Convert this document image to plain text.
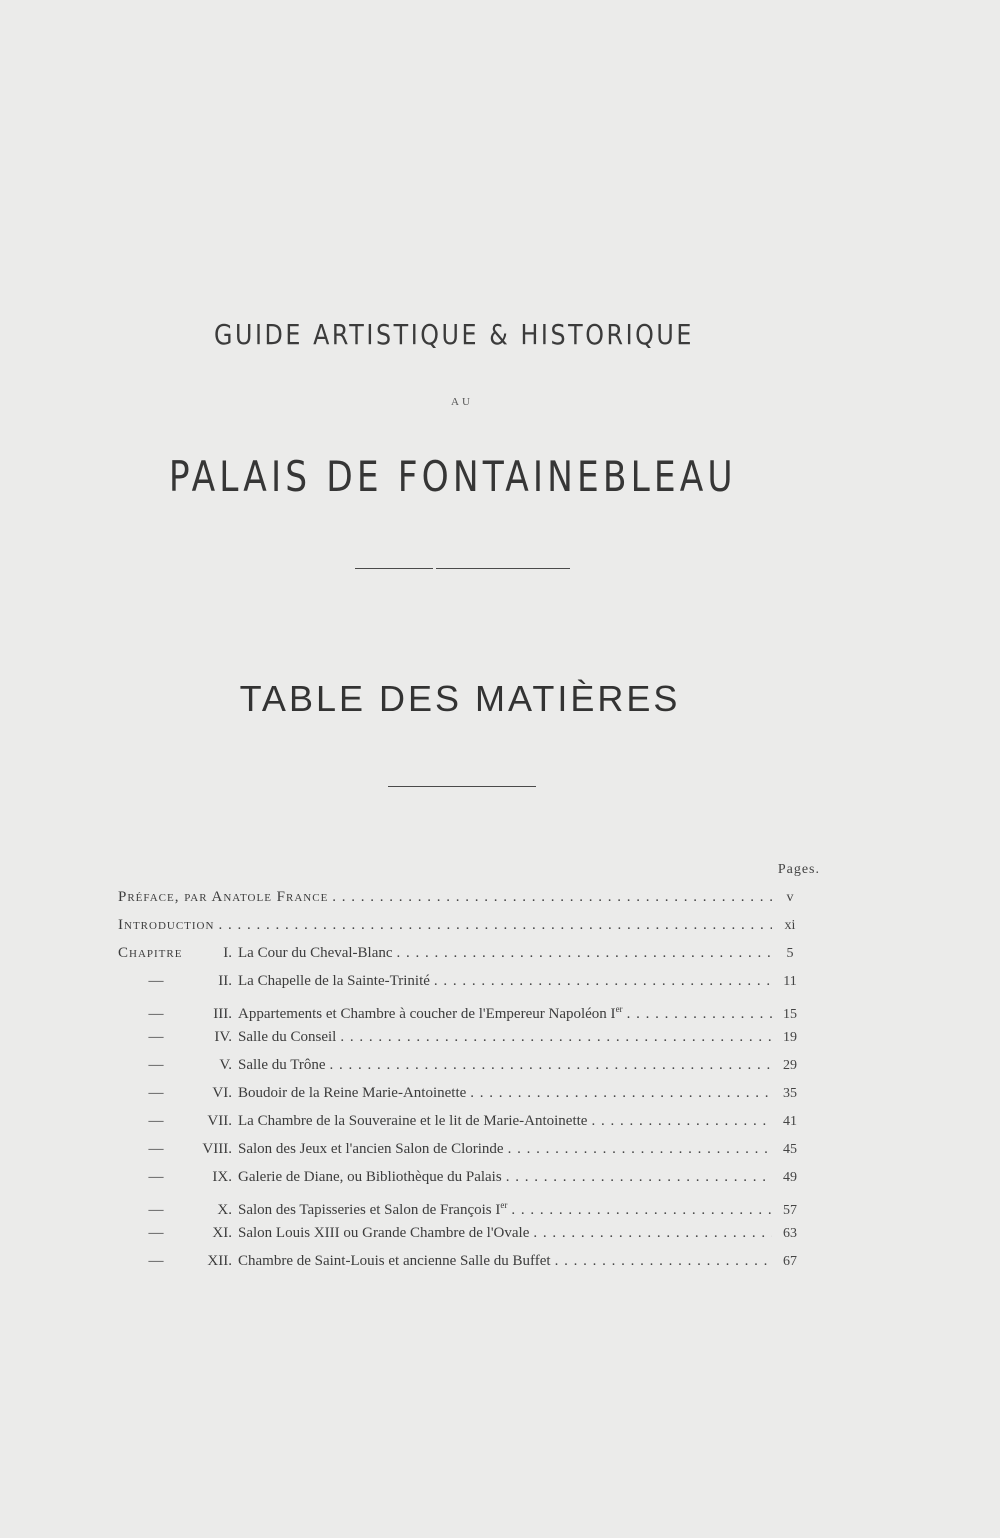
GUIDE ARTISTIQUE & HISTORIQUE
AU
PALAIS DE FONTAINEBLEAU
TABLE DES MATIÈRES
Pages.
Préface, par Anatole France . . .	v
Introduction . . .	xi
Chapitre	I. La Cour du Cheval-Blanc . . .	5
—	II. La Chapelle de la Sainte-Trinité . . .	11
—	III. Appartements et Chambre à coucher de l'Empereur Napoléon Ier . . .	15
—	IV. Salle du Conseil . . .	19
—	V. Salle du Trône . . .	29
—	VI. Boudoir de la Reine Marie-Antoinette . . .	35
—	VII. La Chambre de la Souveraine et le lit de Marie-Antoinette . . .	41
—	VIII. Salon des Jeux et l'ancien Salon de Clorinde . . .	45
—	IX. Galerie de Diane, ou Bibliothèque du Palais . . .	49
—	X. Salon des Tapisseries et Salon de François Ier . . .	57
—	XI. Salon Louis XIII ou Grande Chambre de l'Ovale . . .	63
—	XII. Chambre de Saint-Louis et ancienne Salle du Buffet . . .	67
